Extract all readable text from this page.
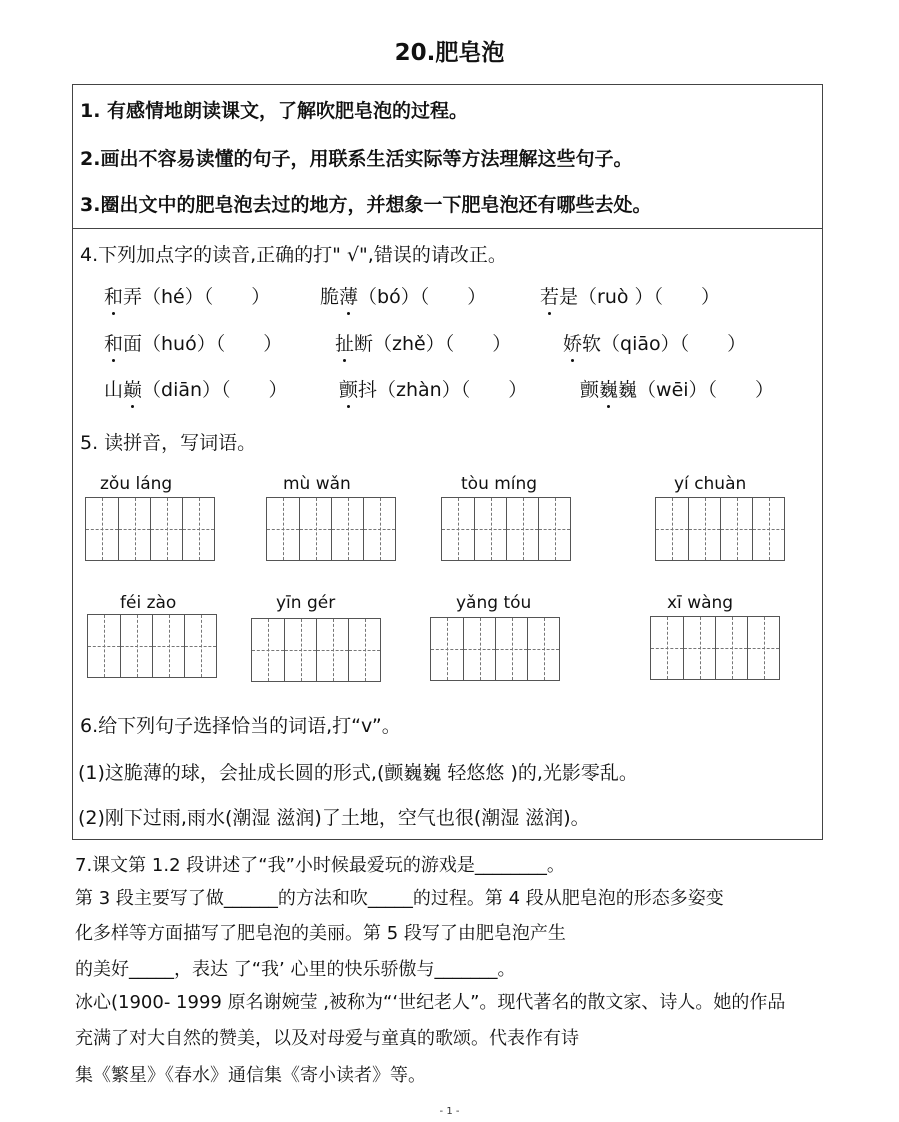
20.肥皂泡
1. 有感情地朗读课文，了解吹肥皂泡的过程。
2.画出不容易读懂的句子，用联系生活实际等方法理解这些句子。
3.圈出文中的肥皂泡去过的地方，并想象一下肥皂泡还有哪些去处。
4.下列加点字的读音,正确的打" √",错误的请改正。
和弄（hé）（　　）	脆薄（bó）（　　）	若是（ruò ）（　　）
和面（huó）（　　）	扯断（zhě）（　　）	娇软（qiāo）（　　）
山巅（diān）（　　）	颤抖（zhàn）（　　）	颤巍巍（wēi）（　　）
5. 读拼音，写词语。
zǒu láng	mù wǎn	tòu míng	yí chuàn
féi zào	yīn gér	yǎng tóu	xī wàng
6.给下列句子选择恰当的词语,打“v”。
(1)这脆薄的球，会扯成长圆的形式,(颤巍巍 轻悠悠 )的,光影零乱。
(2)刚下过雨,雨水(潮湿 滋润)了土地，空气也很(潮湿 滋润)。
7.课文第 1.2 段讲述了“我”小时候最爱玩的游戏是________。
第 3 段主要写了做______的方法和吹_____的过程。第 4 段从肥皂泡的形态多姿变
化多样等方面描写了肥皂泡的美丽。第 5 段写了由肥皂泡产生
的美好_____，表达 了“我’ 心里的快乐骄傲与_______。
冰心(1900- 1999 原名谢婉莹 ,被称为“‘世纪老人”。现代著名的散文家、诗人。她的作品
充满了对大自然的赞美，以及对母爱与童真的歌颂。代表作有诗
集《繁星》《春水》通信集《寄小读者》等。
- 1 -
